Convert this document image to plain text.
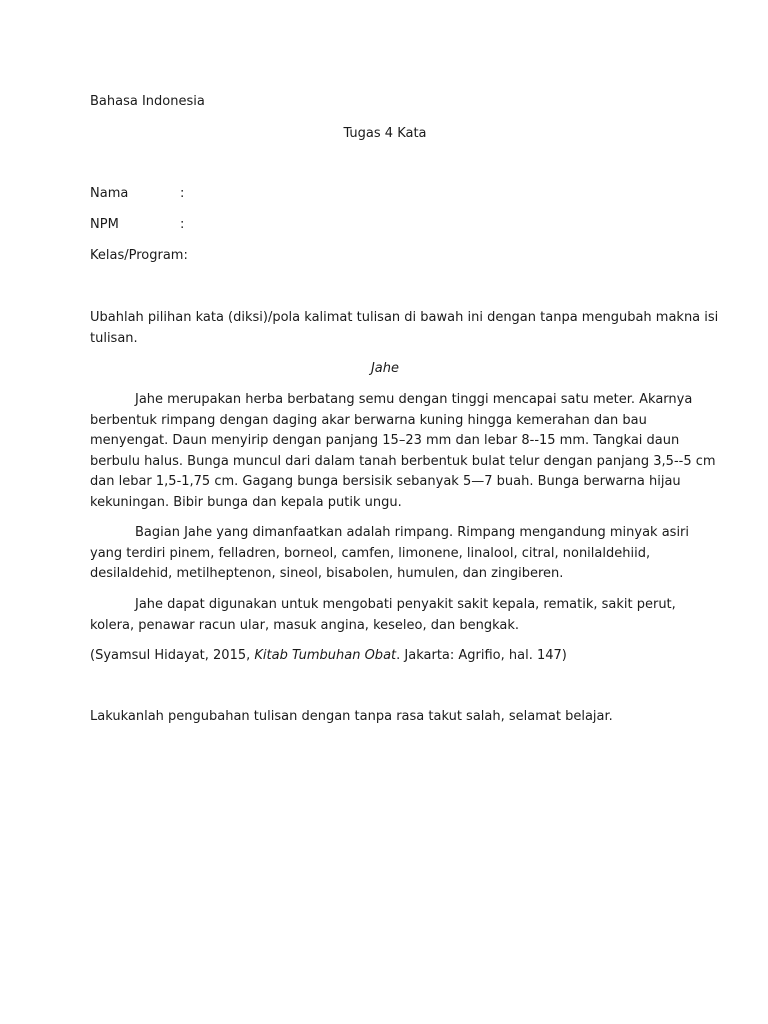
Bahasa Indonesia
Tugas 4 Kata
Nama	:
NPM	:
Kelas/Program:
Ubahlah pilihan kata (diksi)/pola kalimat tulisan di bawah ini dengan tanpa mengubah makna isi
tulisan.
Jahe
Jahe merupakan herba berbatang semu dengan tinggi mencapai satu meter. Akarnya
berbentuk rimpang dengan daging akar berwarna kuning hingga kemerahan dan bau
menyengat. Daun menyirip dengan panjang 15–23 mm dan lebar 8--15 mm. Tangkai daun
berbulu halus. Bunga muncul dari dalam tanah berbentuk bulat telur dengan panjang 3,5--5 cm
dan lebar 1,5-1,75 cm. Gagang bunga bersisik sebanyak 5—7 buah. Bunga berwarna hijau
kekuningan. Bibir bunga dan kepala putik ungu.
Bagian Jahe yang dimanfaatkan adalah rimpang. Rimpang mengandung minyak asiri
yang terdiri pinem, felladren, borneol, camfen, limonene, linalool, citral, nonilaldehiid,
desilaldehid, metilheptenon, sineol, bisabolen, humulen, dan zingiberen.
Jahe dapat digunakan untuk mengobati penyakit sakit kepala, rematik, sakit perut,
kolera, penawar racun ular, masuk angina, keseleo, dan bengkak.
(Syamsul Hidayat, 2015, Kitab Tumbuhan Obat. Jakarta: Agrifio, hal. 147)
Lakukanlah pengubahan tulisan dengan tanpa rasa takut salah, selamat belajar.
